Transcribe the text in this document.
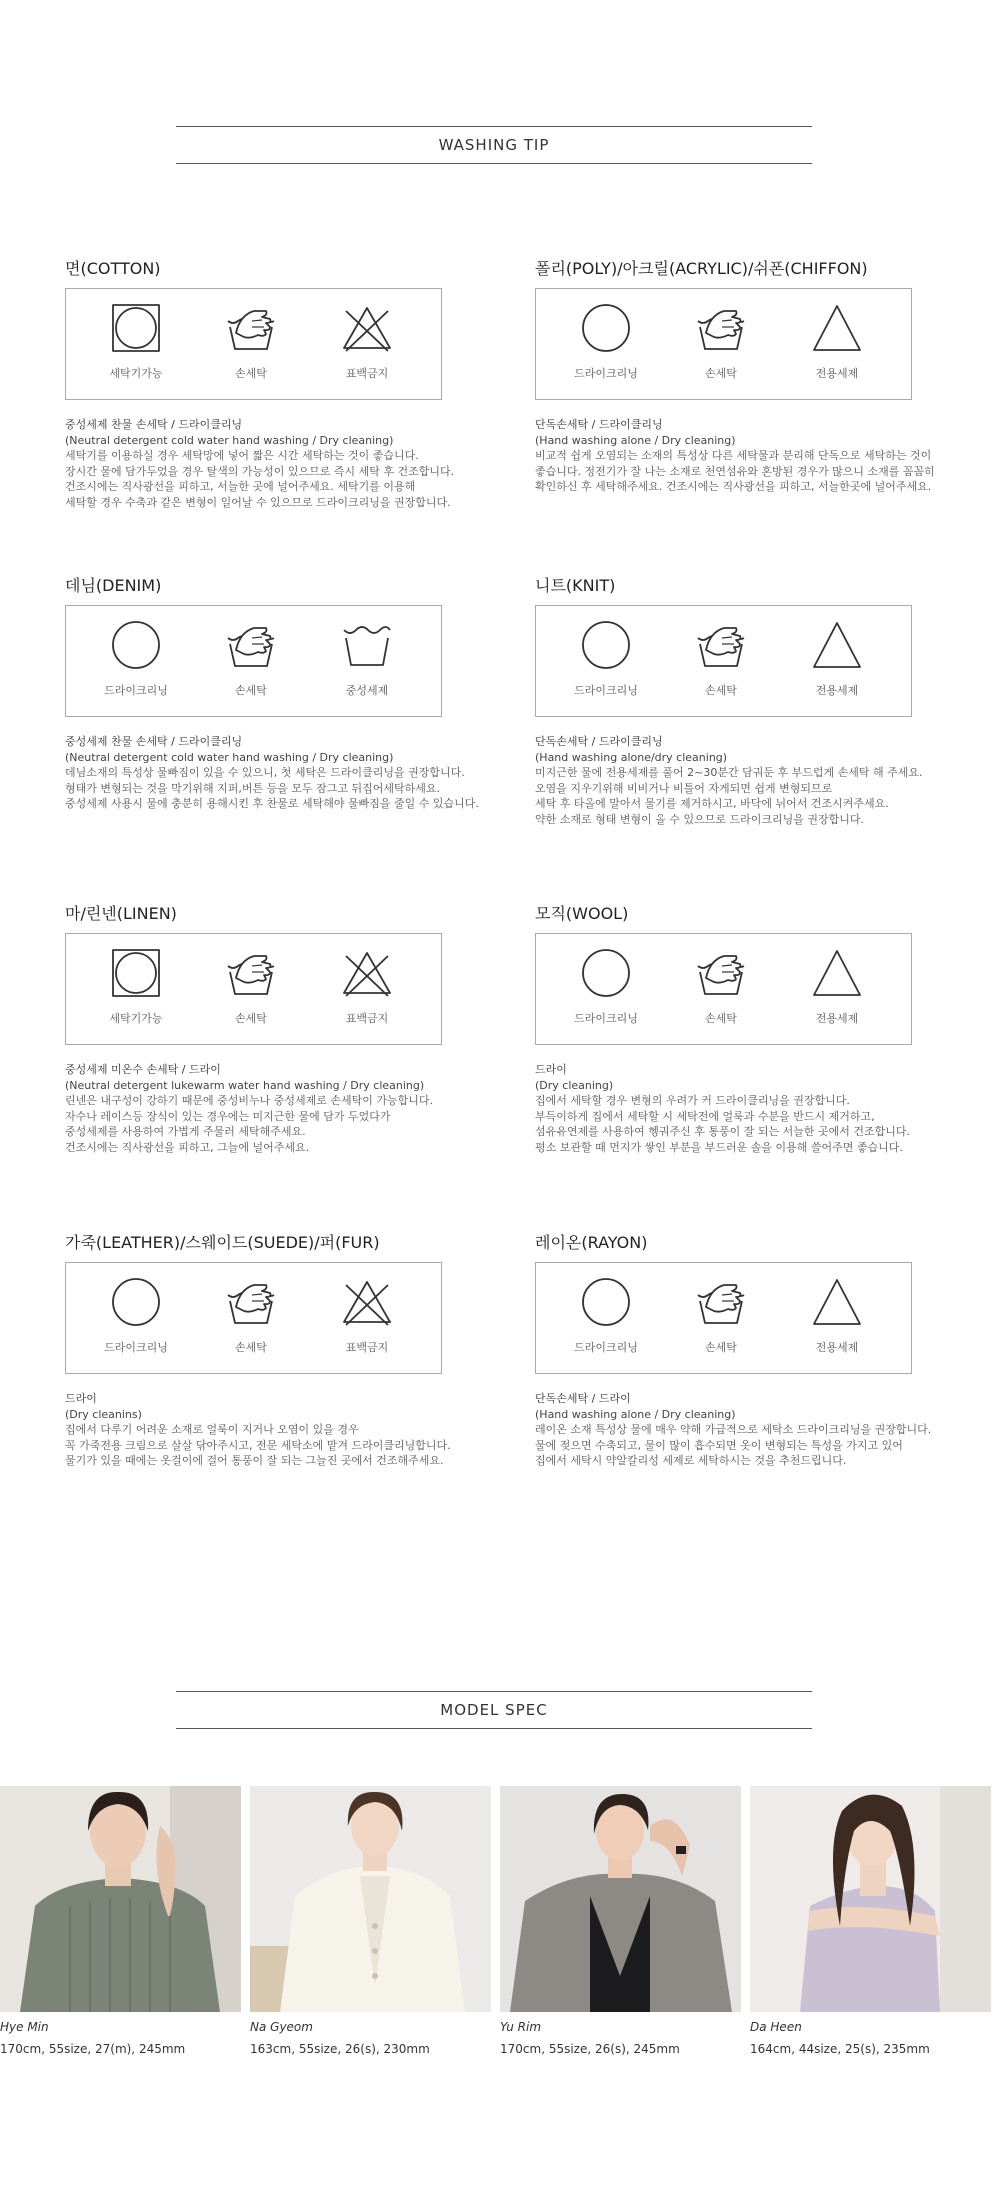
WASHING TIP
면(COTTON)
세탁기가능	손세탁	표백금지
중성세제 찬물 손세탁 / 드라이클리닝
(Neutral detergent cold water hand washing / Dry cleaning)
세탁기를 이용하실 경우 세탁망에 넣어 짧은 시간 세탁하는 것이 좋습니다.
장시간 물에 담가두었을 경우 탈색의 가능성이 있으므로 즉시 세탁 후 건조합니다.
건조시에는 직사광선을 피하고, 서늘한 곳에 널어주세요. 세탁기를 이용해
세탁할 경우 수축과 같은 변형이 일어날 수 있으므로 드라이크리닝을 권장합니다.
폴리(POLY)/아크릴(ACRYLIC)/쉬폰(CHIFFON)
드라이크리닝	손세탁	전용세제
단독손세탁 / 드라이클리닝
(Hand washing alone / Dry cleaning)
비교적 쉽게 오염되는 소재의 특성상 다른 세탁물과 분리해 단독으로 세탁하는 것이
좋습니다. 정전기가 잘 나는 소재로 천연섬유와 혼방된 경우가 많으니 소재를 꼼꼼히
확인하신 후 세탁해주세요. 건조시에는 직사광선을 피하고, 서늘한곳에 널어주세요.
데님(DENIM)
드라이크리닝	손세탁	중성세제
중성세제 찬물 손세탁 / 드라이클리닝
(Neutral detergent cold water hand washing / Dry cleaning)
데님소재의 특성상 물빠짐이 있을 수 있으니, 첫 세탁은 드라이클리닝을 권장합니다.
형태가 변형되는 것을 막기위해 지퍼,버튼 등을 모두 잠그고 뒤집어세탁하세요.
중성세제 사용시 물에 충분히 용해시킨 후 찬물로 세탁해야 물빠짐을 줄일 수 있습니다.
니트(KNIT)
드라이크리닝	손세탁	전용세제
단독손세탁 / 드라이클리닝
(Hand washing alone/dry cleaning)
미지근한 물에 전용세제를 풀어 2~30분간 담궈둔 후 부드럽게 손세탁 해 주세요.
오염을 지우기위해 비비거나 비틀어 자게되면 쉽게 변형되므로
세탁 후 타올에 말아서 물기를 제거하시고, 바닥에 뉘어서 건조시켜주세요.
약한 소재로 형태 변형이 올 수 있으므로 드라이크리닝을 권장합니다.
마/린넨(LINEN)
세탁기가능	손세탁	표백금지
중성세제 미온수 손세탁 / 드라이
(Neutral detergent lukewarm water hand washing / Dry cleaning)
린넨은 내구성이 강하기 때문에 중성비누나 중성세제로 손세탁이 가능합니다.
자수나 레이스등 장식이 있는 경우에는 미지근한 물에 담가 두었다가
중성세제를 사용하여 가볍게 주물러 세탁해주세요.
건조시에는 직사광선을 피하고, 그늘에 널어주세요.
모직(WOOL)
드라이크리닝	손세탁	전용세제
드라이
(Dry cleaning)
집에서 세탁할 경우 변형의 우려가 커 드라이클리닝을 권장합니다.
부득이하게 집에서 세탁할 시 세탁전에 얼룩과 수분을 반드시 제거하고,
섬유유연제를 사용하여 헹궈주신 후 통풍이 잘 되는 서늘한 곳에서 건조합니다.
평소 보관할 때 먼지가 쌓인 부분을 부드러운 솔을 이용해 쓸어주면 좋습니다.
가죽(LEATHER)/스웨이드(SUEDE)/퍼(FUR)
드라이크리닝	손세탁	표백금지
드라이
(Dry cleanins)
집에서 다루기 어려운 소재로 얼룩이 지거나 오염이 있을 경우
꼭 가죽전용 크림으로 살살 닦아주시고, 전문 세탁소에 맡겨 드라이클리닝합니다.
물기가 있을 때에는 옷걸이에 걸어 통풍이 잘 되는 그늘진 곳에서 건조해주세요.
레이온(RAYON)
드라이크리닝	손세탁	전용세제
단독손세탁 / 드라이
(Hand washing alone / Dry cleaning)
레이온 소재 특성상 물에 매우 약해 가급적으로 세탁소 드라이크리닝을 권장합니다.
물에 젖으면 수축되고, 물이 많이 흡수되면 옷이 변형되는 특성을 가지고 있어
집에서 세탁시 약알칼리성 세제로 세탁하시는 것을 추천드립니다.
MODEL SPEC
Hye Min
170cm, 55size, 27(m), 245mm
Na Gyeom
163cm, 55size, 26(s), 230mm
Yu Rim
170cm, 55size, 26(s), 245mm
Da Heen
164cm, 44size, 25(s), 235mm
